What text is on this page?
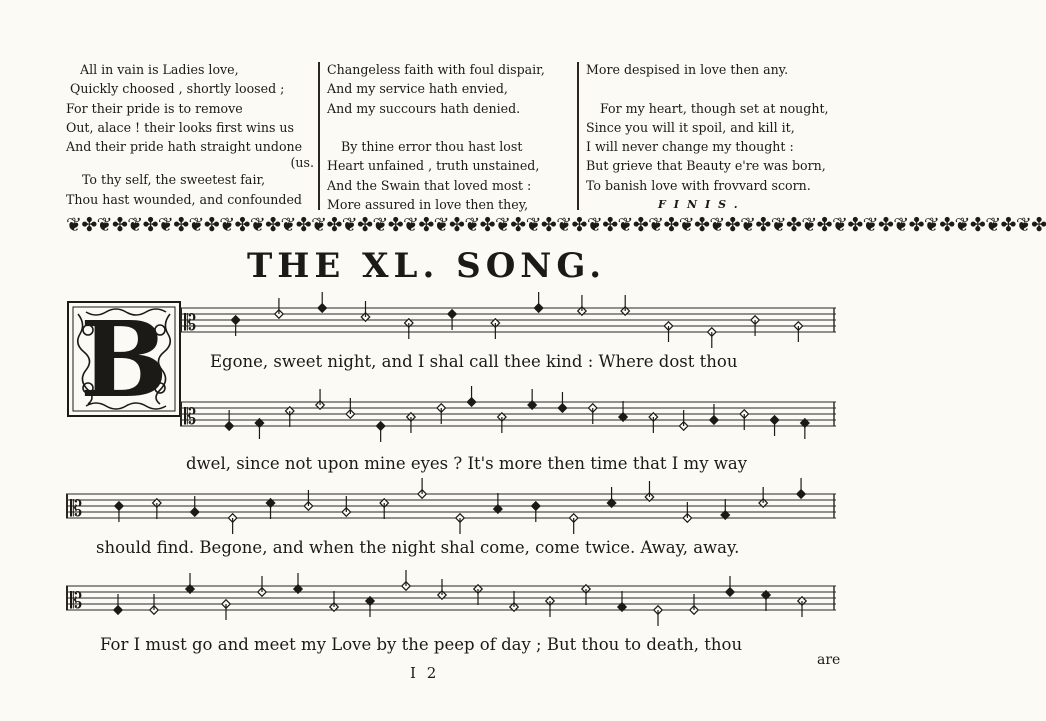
All in vain is Ladies love,
Quickly choosed , shortly loosed ;
For their pride is to remove
Out, alace ! their looks first wins us
And their pride hath straight undone
(us.
To thy self, the sweetest fair,
Thou hast wounded, and confounded
Changeless faith with foul dispair,
And my service hath envied,
And my succours hath denied.

By thine error thou hast lost
Heart unfained , truth unstained,
And the Swain that loved most :
More assured in love then they,
More despised in love then any.

For my heart, though set at nought,
Since you will it spoil, and kill it,
I will never change my thought :
But grieve that Beauty e're was born,
To banish love with frovvard scorn.
FINIS.
❦✤❦✤❦✤❦✤❦✤❦✤❦✤❦✤❦✤❦✤❦✤❦✤❦✤❦✤❦✤❦✤❦✤❦✤❦✤❦✤❦✤❦✤❦✤❦✤❦✤❦✤❦✤❦✤❦✤❦✤❦✤❦✤
THE XL. SONG.
B 𝄡
Egone, sweet night, and I shal call thee kind : Where dost thou
𝄡
dwel, since not upon mine eyes ? It's more then time that I my way
𝄡
should find. Begone, and when the night shal come, come twice. Away, away.
𝄡
For I must go and meet my Love by the peep of day ; But thou to death, thou
are
I 2
